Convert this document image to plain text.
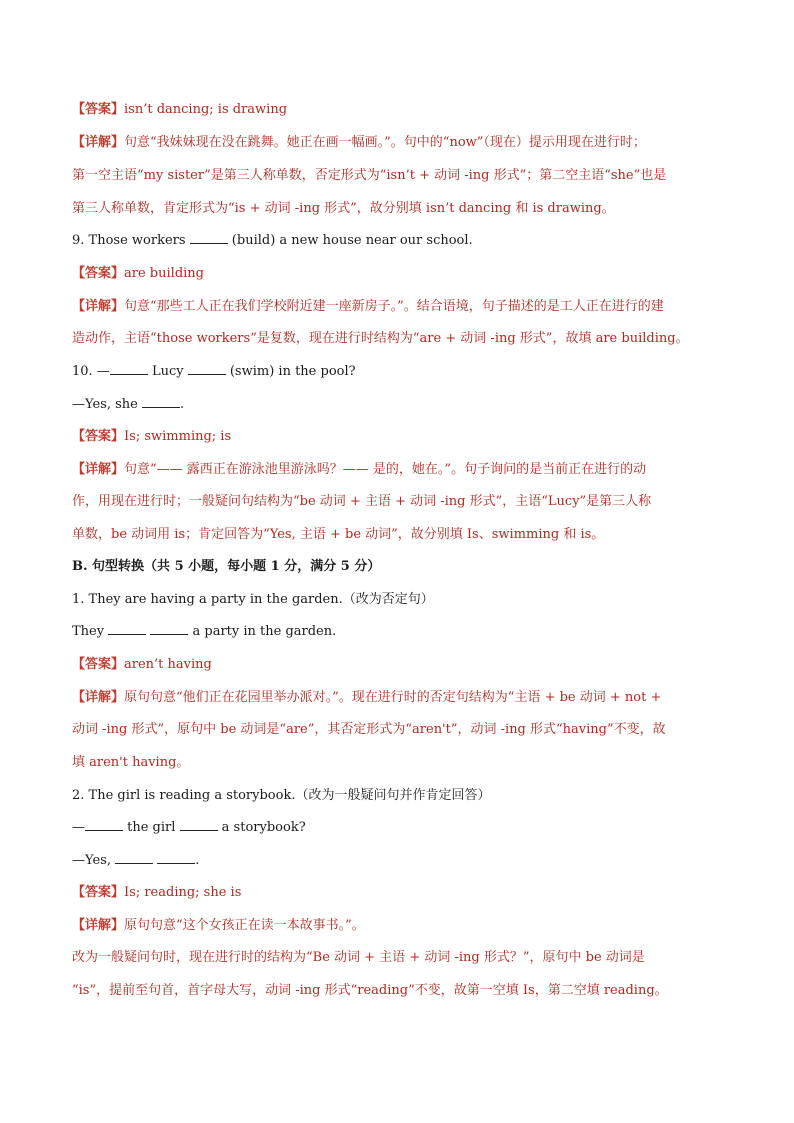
【答案】isn’t dancing; is drawing
【详解】句意“我妹妹现在没在跳舞。她正在画一幅画。”。句中的“now”（现在）提示用现在进行时；
第一空主语“my sister”是第三人称单数，否定形式为“isn’t + 动词 -ing 形式”；第二空主语“she”也是
第三人称单数，肯定形式为“is + 动词 -ing 形式”，故分别填 isn’t dancing 和 is drawing。
9. Those workers	(build) a new house near our school.
【答案】are building
【详解】句意“那些工人正在我们学校附近建一座新房子。”。结合语境，句子描述的是工人正在进行的建
造动作，主语“those workers”是复数，现在进行时结构为“are + 动词 -ing 形式”，故填 are building。
10. —	Lucy	(swim) in the pool?
—Yes, she	.
【答案】Is; swimming; is
【详解】句意“—— 露西正在游泳池里游泳吗？—— 是的，她在。”。句子询问的是当前正在进行的动
作，用现在进行时；一般疑问句结构为“be 动词 + 主语 + 动词 -ing 形式”，主语“Lucy”是第三人称
单数，be 动词用 is；肯定回答为“Yes, 主语 + be 动词”，故分别填 Is、swimming 和 is。
B. 句型转换（共 5 小题，每小题 1 分，满分 5 分）
1. They are having a party in the garden.（改为否定句）
They	a party in the garden.
【答案】aren’t having
【详解】原句句意“他们正在花园里举办派对。”。现在进行时的否定句结构为“主语 + be 动词 + not +
动词 -ing 形式”，原句中 be 动词是“are”，其否定形式为“aren't”，动词 -ing 形式“having”不变，故
填 aren't having。
2. The girl is reading a storybook.（改为一般疑问句并作肯定回答）
—	the girl	a storybook?
—Yes,	.
【答案】Is; reading; she is
【详解】原句句意“这个女孩正在读一本故事书。”。
改为一般疑问句时，现在进行时的结构为“Be 动词 + 主语 + 动词 -ing 形式？”，原句中 be 动词是
“is”，提前至句首，首字母大写，动词 -ing 形式“reading”不变，故第一空填 Is，第二空填 reading。
